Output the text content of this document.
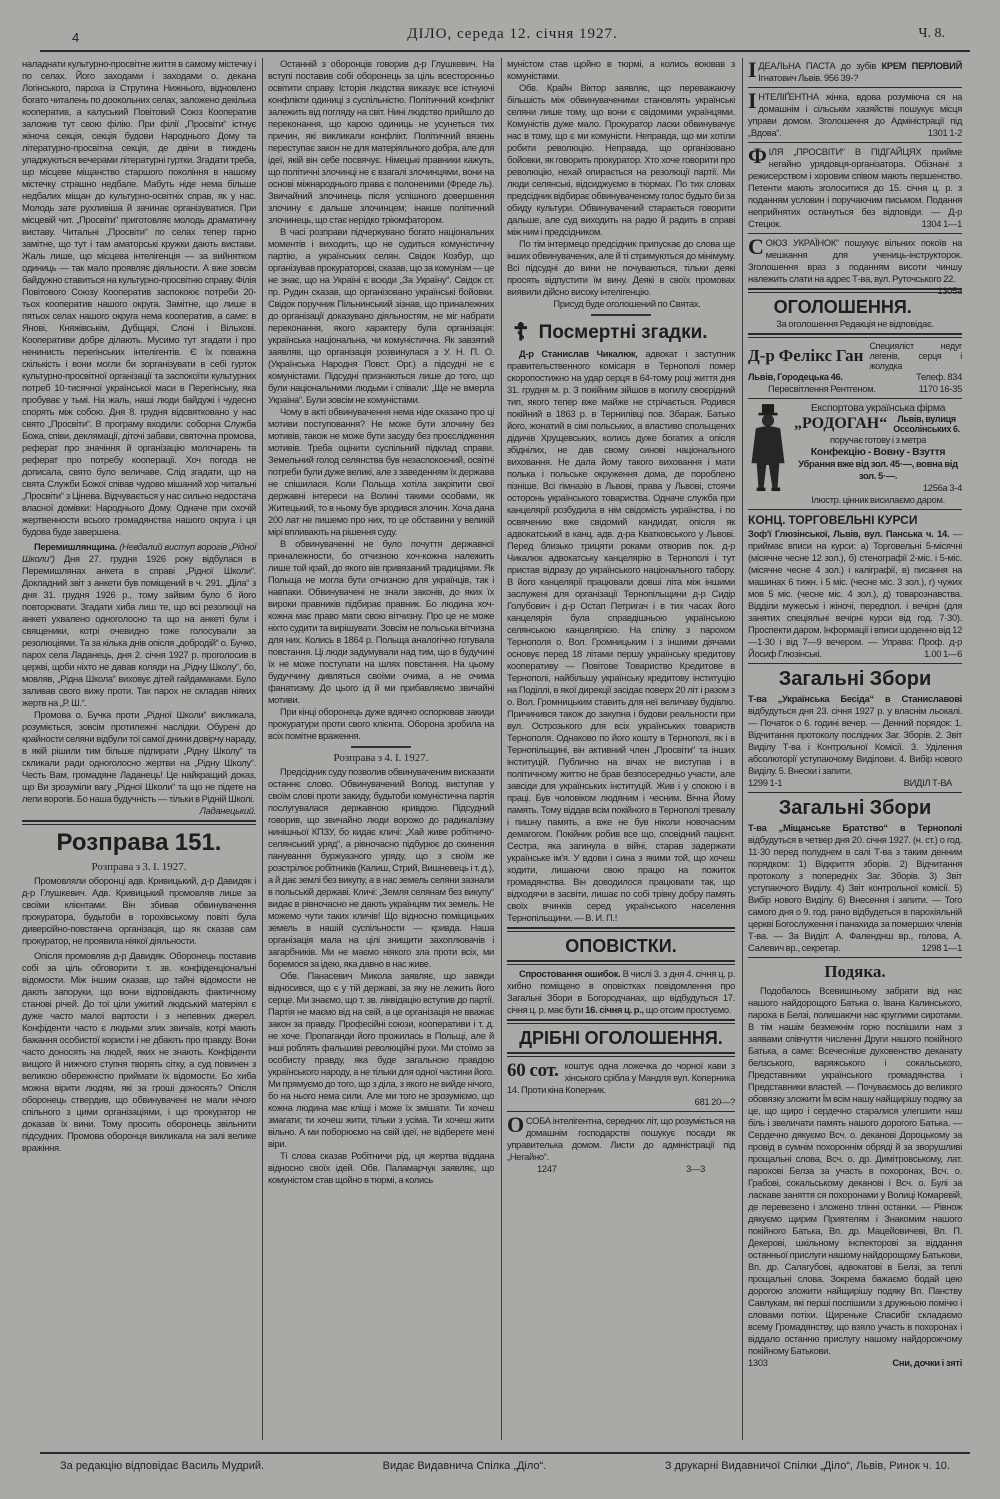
4	ДІЛО, середа 12. січня 1927.	Ч. 8.

наладнати культурно-просвітне життя в самому містечку і по селах. Його заходами і заходами о. декана Логінського, пароха із Струтина Нижнього, відновлено богато читалень по доокольних селах, заложено декілька кооператив, а калуський Повітовий Союз Кооператив заложив тут свою філію. При філії „Просвіти“ істнує жіноча секція, секція будови Народнього Дому та літературно-просвітна секція, де двічи в тиждень уладжуються вечерами літературні гуртки. Згадати треба, що місцеве міщанство старшого покоління в нашому містечку страшно недбале. Мабуть ніде нема більше недбалих міщан до культурно-освітніх справ, як у нас. Молодь зате рухливіша й зачинає організуватися. При місцевій чит. „Просвіти“ приготовляє молодь драматичну виставу. Читальні „Просвіти“ по селах тепер гарно замітне, що тут і там аматорські кружки дають вистави. Жаль лише, що місцева інтелігенція — за вийнятком одиниць — так мало проявляє діяльности. А вже зовсім байдужно ставиться на культурно-просвітню справу. Філія Повітового Союзу Кооператив заспокоює потреби 20-тьох кооператив нашого округа. Замітне, що лише в пятьох селах нашого округа нема кооператив, а саме: в Янові, Княжівськім, Дубщарі, Слоні і Вільхові. Кооперативи добре ділають. Мусимо тут згадати і про ненинисть перегінських інтелігентів. Є їх поважна скількість і вони могли би зорганізувати в себі гурток культурно-просвітної організації та заспокоїти культурних потреб 10-тисячної української маси в Перегінську, яка пробуває у тьмі. На жаль, наші люди байдужі і чудесно спорять між собою. Дня 8. грудня відсвятковано у нас свято „Просвіти“. В програму входили: соборна Служба Божа, співи, деклямації, діточі забави, святочна промова, реферат про значіння й організацію молочарень та реферат про потребу кооперації. Хоч погода не дописала, свято було величаве. Слід згадати, що на свята Служби Божої співав чудово мішаний хор читальні „Просвіти“ з Цінева. Відчувається у нас сильно недостача власної домівки: Народнього Дому. Одначе при охочій жертвенности всього громадянства нашого округа і ця будова буде завершена.

Перемишлянщина. (Невдалий виступ ворогів „Рідної Школи“) Дня 27. грудня 1926 року відбулася в Перемишлянах анкета в справі „Рідної Школи“. Докладний звіт з анкети був поміщений в ч. 291. „Діла“ з дня 31. грудня 1926 р., тому зайвим було б його повторювати. Згадати хиба лиш те, що всі резолюції на анкеті ухвалено одноголосно та що на анкеті були і священики, котрі очевидно тоже голосували за резолюціями. Та за кілька днів опісля „добродій“ о. Бучко, парох села Ладанець, дня 2. січня 1927 р. проголосив в церкві, щоби ніхто не давав коляди на „Рідну Школу“, бо, мовляв, „Рідна Школа“ виховує дітей гайдамаками. Було заливав свого вижу проти. Так парох не складав ніяких жертв на „Р. Ш.“.

Промова о. Бучка проти „Рідної Школи“ викликала, розуміється, зовсім протилежні наслідки. Обурені до крайности селяни відбули тої самої днини довірчу нараду, в якій рішили тим більше підпирати „Рідну Школу“ та скликали ради одноголосно жертви на „Рідну Школу“. Честь Вам, громадяне Ладанець! Це найкращий доказ, що Ви зрозуміли вагу „Рідної Школи“ та що не підете на лепи ворогів. Бо наша будучність — тільки в Рідній Школі.

Ладанецький.
Розправа 151.
Розправа з 3. I. 1927.

Промовляли оборонці адв. Кривицький, д-р Давидяк і д-р Глушкевич. Адв. Кривицький промовляв лише за своїми клієнтами. Він збивав обвинувачення прокуратора, будьтоби в горохівському повіті була диверсійно-повстанча організація, що як сказав сам прокуратор, не проявила ніякої діяльности.

Опісля промовляв д-р Давидяк. Оборонець поставив собі за ціль обговорити т. зв. конфіденціональні відомости. Між іншим сказав, що тайні відомости не дають запоруки, що вони відповідають фактичному станові річей. До тої ціли ужитий людський матеріял є дуже часто малої вартости і з непевних джерел. Конфіденти часто є людьми злих звичаїв, котрі мають бажання особистої користи і не дбають про правду. Вони часто доносять на людей, яких не знають. Конфіденти вищого й нижчого ступня творять сітку, а суд повинен з великою обережністю приймати їх відомости. Бо хиба можна вірити людям, які за гроші доносять? Опісля оборонець ствердив, що обвинувачені не мали нічого спільного з цими організаціями, і що прокуратор не доказав їх вини. Тому просить оборонець звільнити підсудних. Промова оборонця викликала на залі велике вражіння.

Останній з оборонців говорив д-р Глушкевич. На вступі поставив собі оборонець за ціль всесторонньо освітити справу. Історія людства виказує все істнуючі конфлікти одиниці з суспільністю. Політичний конфлікт залежить від погляду на світ. Нині людство прийшло до переконання, що карою одиниць не усунеться тих причин, які викликали конфлікт. Політичний вязень переступає закон не для матеріяльного добра, але для ідеї, якій він себе посвячує. Німецькі правники кажуть, що політичні злочинці не є взагалі злочинцями, вони на основі міжнароднього права є полоненими (Фреде ль). Звичайний злочинець після успішного довершення злочину є дальше злочинцем; інакше політичний злочинець, що стає нерідко тріюмфатором.

В часі розправи підчеркувано богато національних моментів і виходить, що не судиться комуністичну партію, а українських селян. Свідок Козбур, що організував прокураторові, сказав, що за комунізм — це не знає, що на Україні є всюди „За Україну“. Свідок ст. пр. Рудин сказав, що організовано українські бойовки. Свідок поручник Пільнинський зізнав, що приналежних до організації доказувано діяльностям, не міг набрати переконання, якого характеру була організація: українська національна, чи комуністична. Як завзятий заявляв, що організація розвинулася з У. Н. П. О. (Українська Народня Повст. Орг.) а підсудні не є комуністами. Підсудні признаються лише до того, що були національними людьми і співали: „Ще не вмерла Україна“. Були зовсім не комуністами.

Чому в акті обвинувачення нема ніде сказано про ці мотиви поступовання? Не може бути злочину без мотивів, також не може бути засуду без проєслідження мотивів. Треба оцінити суспільний підклад справи. Земельний голод селянства був незаспокоєний, освітні потреби були дуже великі, але з заведенням їх держава не спішилася. Коли Польща хотіла закріпити свої державні інтереси на Волині такими особами, як Житецький, то в ньому був зродився злочин. Хоча дана 200 лат не пишемо про них, то це обставини у великій мірі впливають на рішення суду.

В обвинуваченні не було почуття державної приналежности, бо отчизною хоч-кожна належить лише той край, до якого вів привязаний традиціями. Як Польща не могла бути отчизною для українців, так і навпаки. Обвинувачені не знали законів, до яких їх вироки правників підбирає правник. Бо людина хоч-кожна має право мати свою вітчизну. Про це не може ніхто судити та вирішувати. Зовсім не польська вітчизна для них. Колись в 1864 р. Польща аналогічно готувала повстання. Ці люди задумували над тим, що в будучині їх не може поступати на шлях повстання. На цьому будуччину дивляться своїми очима, а не очима фанатизму. До цього ід й ми прибавляємо звичайні мотиви.

При кінці оборонець дуже вдячно оспорював закиди прокуратури проти свого клієнта. Оборона зробила на всіх помітне враження.

Розправа з 4. I. 1927.

Предсідник суду позволив обвинуваченим висказати останнє слово. Обвинувачений Волод. виступав у своїм слові проти закиду, будьтоби комуністична партія послугувалася державною кривдою. Підсудний говорив, що звичайно люди ворожо до радикалізму нинішньої КПЗУ, бо кидає кличі: „Хай живе робітничо-селянський уряд“, а рівночасно підбурює до скинення панування буржуазного уряду, що з своїм же розстрілює робітників (Калиш, Стрий, Вишневець і т. д.), а й дає землі без викупу, а в нас земель селяни зазнали в польській державі. Кличі: „Земля селянам без викупу“ видає в рівночасно не дають українцям тих земель. Не можемо чути таких кличів! Що відносно поміщицьких земель в нашій суспільности — кривда. Наша організація мала на цілі знищити захоплювачів і загарбників. Ми не маємо ніякого зла проти всіх, ми боремося за ідею, яка давно в нас живе.

Обв. Панасевич Микола заявляє, що завжди відносився, що є у тій державі, за яку не лежить його серце. Ми знаємо, що т. зв. ліквідацію вступив до партії. Партія не маємо від на свій, а це організація не вважає закон за правду. Професійні союзи, кооперативи і т. д. не хоче. Пропаганди його прожилась в Польщі, але й інші роблять фальшиві революційні рухи. Ми стоїмо за особисту правду, яка буде загальною правдою українського народу, а не тільки для одної частини його. Ми прямуємо до того, що з діла, з якого не вийде нічого, бо на нього нема сили. Але ми того не зрозуміємо, що кожна людина має кліщі і може їх змішати. Ти хочеш змагати; ти хочеш жити, тільки з усіма. Ти хочеш жити вільно. А ми поборюємо на свій ідеї, не відберете мені віри.

Ті слова сказав Робітничи рід, ця жертва віддана відносно своїх ідей. Обв. Паламарчук заявляє, що комуністом став щойно в тюрмі, а колись

муністом став щойно в тюрмі, а колись воював з комуністами.

Обв. Крайн Віктор заявляє, що переважаючу більшість між обвинуваченими становлять українські селяни лише тому, що вони є свідомими українцями. Комуністів дуже мало. Прокуратор ласки обвинувачує нас в тому, що є ми комуністи. Неправда, що ми хотіли робити революцію. Неправда, що організовано бойовки, як говорить прокуратор. Хто хоче говорити про революцію, нехай опирається на резолюції партії. Ми люди селянські, відсиджуємо в тюрмах. По тих словах предсідник відбирає обвинуваченому голос будьто би за обиду культури. Обвинувачений старається говорити дальше, але суд виходить на радю й радить в справі між ним і предсідником.

По тім інтермецо предсідник припускає до слова ще інших обвинувачених, але й ті стримуються до мінімуму. Всі підсудні до вини не почуваються, тільки деякі просять відпустити їм вину. Деякі в своїх промовах виявили дійсно високу інтелігенцію.

Присуд буде оголошений по Святах.

☦ Посмертні згадки.

Д-р Станислав Чикалюк, адвокат і заступник правительственного комісаря в Тернополі помер скоропостижно на удар серця в 64-тому році життя дня 31. грудня м. р. З покійним зійшов в могилу своєрідний тип, якого тепер вже майже не стрічається. Родився покійний в 1863 р. в Тернилівці пов. Збараж. Батько його, жонатий в сімі польських, а властиво спольщених дідичів Хрущевських, колись дуже богатих а опісля збіднілих, не дав свому синові національного виховання. Не дала йому такого виховання і мати полька і польське окруження дома, де пороблено пізніше. Всі гімназію в Львові, права у Львові, стоячи осторонь українського товариства. Одначе служба при канцелярії розбудила в нім свідомість українства, і по освячению вже свідомий кандидат, опісля як адвокатський в канц. адв. д-ра Кватковського у Львові. Перед близько трицяти роками отворив пок. д-р Чикалюк адвокатську канцелярію в Тернополі і тут пристав відразу до українського національного табору. В його канцелярії працювали довші літа між іншими заслужені для організації Тернопільщини д-р Сидір Голубович і д-р Остап Петригач і в тих часах його канцелярія була справдішньою українською селянською канцелярією. На спілку з парохом Тернополя о. Вол. Громницьким і з іншими діячами основує перед 18 літами першу українську кредитову кооперативу — Повітове Товариство Кредитове в Тернополі, найбільшу українську кредитову інституцію на Поділлі, в якої дирекції засідає поверх 20 літ і разом з о. Вол. Громницьким ставить для неї величаву будівлю. Причинився також до закупна і будови реальности при вул. Острозького для всіх українських товариств Тернополя. Однаково по його кошту в Тернополі, як і в Тернопільщині, він активний член „Просвіти“ та інших інституцій. Публично на вічах не виступав і в політичному життю не брав безпосередньо участи, але завсіди для українських інституцій. Жив і у спокою і в праці. Був чоловіком людяним і чесним. Вічна Йому память. Тому віддав всім покійного в Тернополі тревалу і пишну память, а вже не був ніколи новочасним демагогом. Покійник робив все що, сповідний пацієнт. Сестра, яка загинула в війні, старав задержати українське ім'я. У вдови і сина з якими той, що хочеш ходити, лишаючи свою працю на пожиток громадянства. Він доводилося працювати так, що відходячи в засвіти, лишає по собі трівку добру память своїх вчинків серед українського населення Тернопільщини. — В. И. П.!

ОПОВІСТКИ.

Спростовання ошибок. В числі 3. з дня 4. січня ц. р. хибно поміщено в оповістках повідомлення про Загальні Збори в Богородчанах, що відбудуться 17. січня ц. р. має бути 16. січня ц. р., що отсим простуємо.

ДРІБНІ ОГОЛОШЕННЯ.

60 сот. коштує одна ложечка до чорної кави з хінського срібла у Мандля вул. Коперника 14. Проти кіна Коперник.

681 20—?

ОСОБА інтелігентна, середних літ, що розуміється на домашнім господарстві пошукує посади як управителька домом. Листи до адміністрації під „Негайно“.

1247	3—3

ІДЕАЛЬНА ПАСТА до зубів КРЕМ ПЕРЛОВИЙ Ігнатович Львів. 956 39-?

ІНТЕЛІҐЕНТНА жінка, вдова розуміюча ся на домашнім і сільськім хазяйстві пошукує місця управи домом. Зголошення до Адміністрації під „Вдова“.	1301 1-2

ФІЛЯ „ПРОСВІТИ“ В ПІДГАЙЦЯХ прийме негайно урядовця-організатора. Обізнані з режисерством і хоровим співом мають першенство. Петенти мають зголоситися до 15. січня ц. р. з поданням условин і поручаючим письмом. Подання неприйнятих остануться без відповіди. — Д-р Стецюк.	1304 1—1

СОЮЗ УКРАЇНОК“ пошукує вільних покоїв на мешкання для учениць-інструкторок. Зголошення враз з поданням висоти чиншу належить слати на адрес Т-ва, вул. Руточського 22.
1305a

ОГОЛОШЕННЯ.
За оголошення Редакція не відповідає.
Д-р Фелікс Ган Специяліст недуг легенів, серця і жолудка
Львів, Городецька 46.	Телеф. 834
Пересвітлення Рентгеном.	1170 16-35
Експортова українська фірма
„РОДОГАН“	Львів, вулиця Оссолінських 6.
поручає готову і з метра
Конфекцію - Вовну - Взуття
Убрання вже від зол. 45·—, вовна від зол. 5·—.
1256a 3-4
Ілюстр. цінник висилаємо даром.
КОНЦ. ТОРГОВЕЛЬНІ КУРСИ

Зоф'ї Глюзінської, Львів, вул. Панська ч. 14. — приймає вписи на курси: а) Торговельні 5-місячні (місячне чесне 12 зол.), б) стенографії 2-міс. і 5-міс. (місячне чесне 4 зол.) і каліграфії, в) писання на машинах 6 тижн. і 5 міс. (чесне міс. 3 зол.), г) чужих мов 5 міс. (чесне міс. 4 зол.), д) товарознавства. Відділи мужеські і жіночі, передпол. і вечірні (для занятих спеціяльні вечірні курси від год. 7·30). Проспекти даром. Інформації і вписи щоденно від 12—1·30 і від 7—9 вечером. — Управа: Проф. д-р Йосиф Глюзінські.	1.00 1—6

Загальні Збори

Т-ва „Українська Бесіда“ в Станиславові відбудуться дня 23. січня 1927 р. у власнім льокалі. — Початок о 6. годині вечер. — Денний порядок: 1. Відчитання протоколу послідних Заг. Зборів. 2. Звіт Виділу Т-ва і Контрольної Комісії. 3. Уділення абсолюторії уступаючому Виділови. 4. Вибір нового Виділу. 5. Внески і запити.

1299 1-1	ВИДІЛ Т-ВА
Загальні Збори

Т-ва „Міщанське Братство“ в Тернополі відбудуться в четвер дня 20. січня 1927. (н. ст.) о год. 11·30 перед полуднем в салі Т-ва з таким денним порядком: 1) Відкриття зборів. 2) Відчитання протоколу з попередніх Заг. Зборів. 3) Звіт уступаючого Виділу. 4) Звіт контрольної комісії. 5) Вибір нового Виділу. 6) Внесення і запити. — Того самого дня о 9. год. рано відбудеться в парохіяльній церкві Богослуження і панахида за померших членів Т-ва. — За Виділ: А. Фаленднш вр., голова, А. Салевич вр., секретар.	1298 1—1

Подяка.

Подобалось Всевишньому забрати від нас нашого найдорощого Батька о. Івана Калинського, пароха в Белзі, полишаючи нас круглими сиротами. В тім нашім безмежнім горю поспішили нам з заявами співчуття численні Други нашого покійного Батька, а саме: Всечесніше духовенство деканату белзського, варяжського і сокальського, Представники українського громадянства і Представники властей. — Почуваємось до великого обовязку зложити Їм всім нашу найщирішу подяку за це, що щиро і сердечно старалися улегшити наш біль і звеличати память нашого дорогого Батька. — Сердечно дякуємо Всч. о. деканові Дороцькому за провід в сумнім похороннім обряді й за зворушливі прощальні слова, Всч. о. др. Димітровському, лат. пароховi Белза за участь в похоронах, Всч. о. Грабові, сокальському деканові і Всч. о. Булі за ласкаве заняття ся похоронами у Волиці Комаревій, де перевезено і зложено тлінні останки. — Рівнож дякуємо щирим Приятелям і Знакомим нашого покійного Батька, Вп. др. Мацейовичеві, Вп. П. Декерові, шкільному інспекторові за віддання останньої прислуги нашому найдорощому Батькови, Вп. др. Салагубові, адвокатові в Белзі, за теплі прощальні слова. Зокрема бажаємо бодай цею дорогою зложити найщирішу подяку Вп. Панству Савлукам, які перші поспішили з дружньою помічю і словами потіхи. Щиреньке Спасибіг складаємо всему Громадянству, що взяло участь в похоронах і віддало останню прислугу нашому найдорожчому покійному Батькови.

1303	Сни, дочки і зяті
За редакцію відповідає Василь Мудрий.	Видає Видавнича Спілка „Діло“.	З друкарні Видавничої Спілки „Діло“, Львів, Ринок ч. 10.
